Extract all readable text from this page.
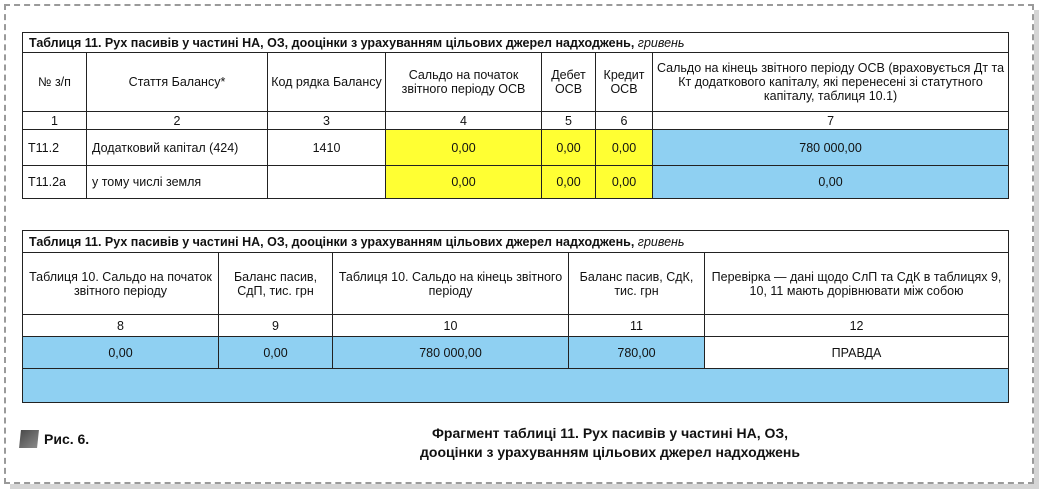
Таблиця 11. Рух пасивів у частині НА, ОЗ, дооцінки з урахуванням цільових джерел надходжень, гривень						
№ з/п	Стаття Балансу*	Код рядка Балансу	Сальдо на початок звітного періоду ОСВ	Дебет ОСВ	Кредит ОСВ	Сальдо на кінець звітного періоду ОСВ (враховується Дт та Кт додаткового капіталу, які перенесені зі статутного капіталу, таблиця 10.1)
1	2	3	4	5	6	7
Т11.2	Додатковий капітал (424)	1410	0,00	0,00	0,00	780 000,00
Т11.2а	у тому числі земля		0,00	0,00	0,00	0,00
Таблиця 11. Рух пасивів у частині НА, ОЗ, дооцінки з урахуванням цільових джерел надходжень, гривень				
Таблиця 10. Сальдо на початок звітного періоду	Баланс пасив, СдП, тис. грн	Таблиця 10. Сальдо на кінець звітного періоду	Баланс пасив, СдК, тис. грн	Перевірка — дані щодо СлП та СдК в таблицях 9, 10, 11 мають дорівнювати між собою
8	9	10	11	12
0,00	0,00	780 000,00	780,00	ПРАВДА

Рис. 6.	Фрагмент таблиці 11. Рух пасивів у частині НА, ОЗ,
дооцінки з урахуванням цільових джерел надходжень
